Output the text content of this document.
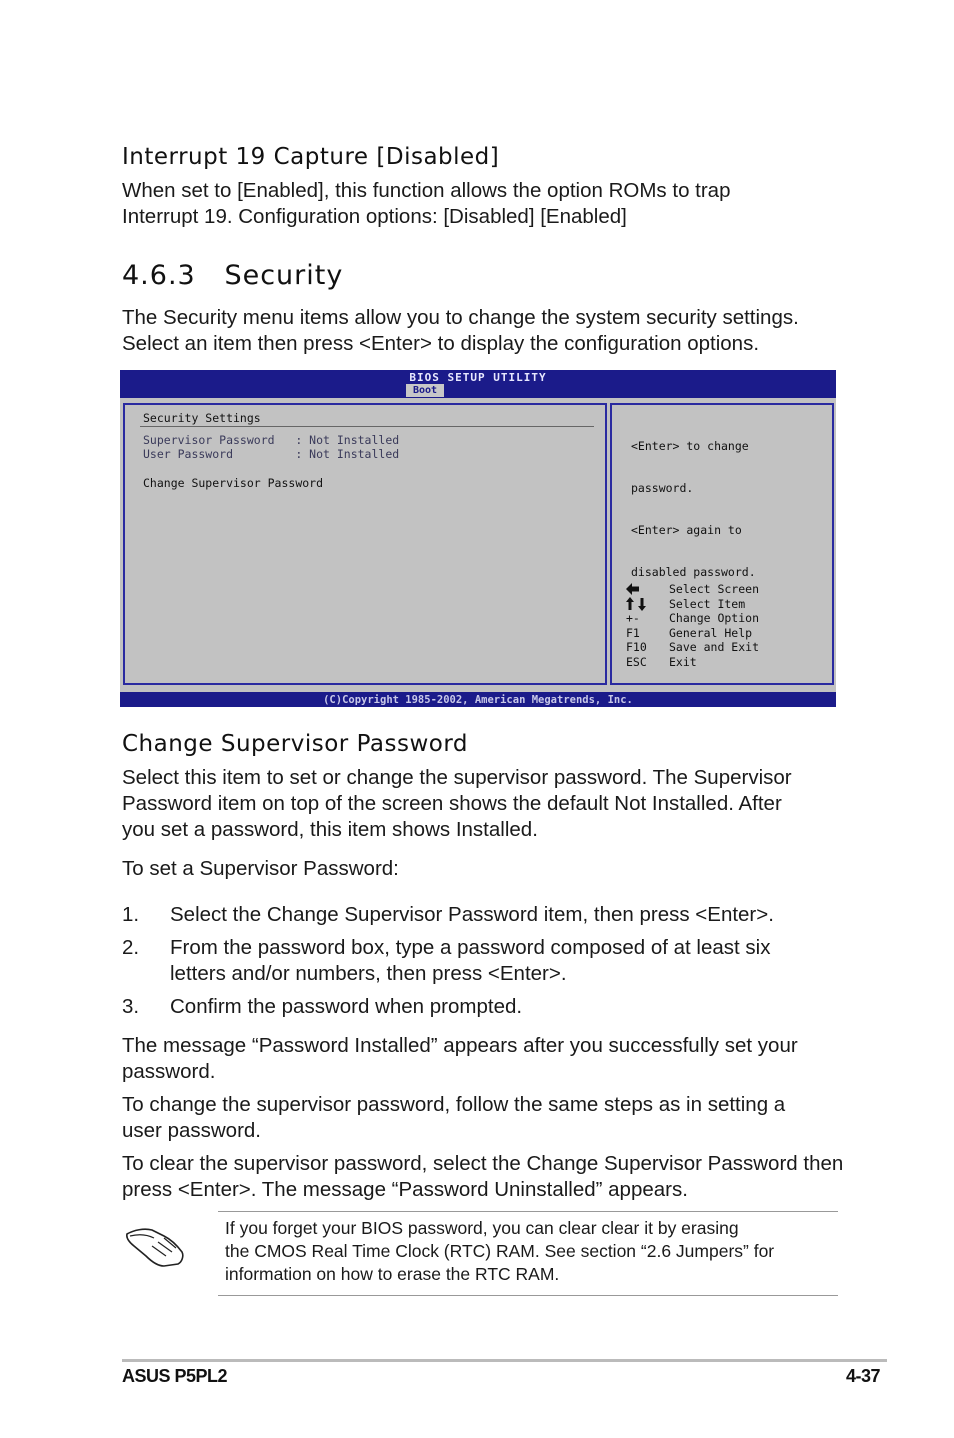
Interrupt 19 Capture [Disabled]
When set to [Enabled], this function allows the option ROMs to trap
Interrupt 19. Configuration options: [Disabled] [Enabled]
4.6.3   Security
The Security menu items allow you to change the system security settings.
Select an item then press <Enter> to display the configuration options.
BIOS SETUP UTILITY
Boot
Security Settings
Supervisor Password   : Not Installed
User Password         : Not Installed
Change Supervisor Password

<Enter> to change

password.

<Enter> again to

disabled password.

Select Screen
Select Item
+-	Change Option
F1	General Help
F10 Save and Exit
ESC Exit
(C)Copyright 1985-2002, American Megatrends, Inc.
Change Supervisor Password
Select this item to set or change the supervisor password. The Supervisor
Password item on top of the screen shows the default Not Installed. After
you set a password, this item shows Installed.
To set a Supervisor Password:
1. Select the Change Supervisor Password item, then press <Enter>.
2. From the password box, type a password composed of at least six
letters and/or numbers, then press <Enter>.
3. Confirm the password when prompted.
The message “Password Installed” appears after you successfully set your
password.
To change the supervisor password, follow the same steps as in setting a
user password.
To clear the supervisor password, select the Change Supervisor Password then
press <Enter>. The message “Password Uninstalled” appears.
If you forget your BIOS password, you can clear clear it by erasing
the CMOS Real Time Clock (RTC) RAM. See section “2.6 Jumpers” for
information on how to erase the RTC RAM.
ASUS P5PL2	4-37
